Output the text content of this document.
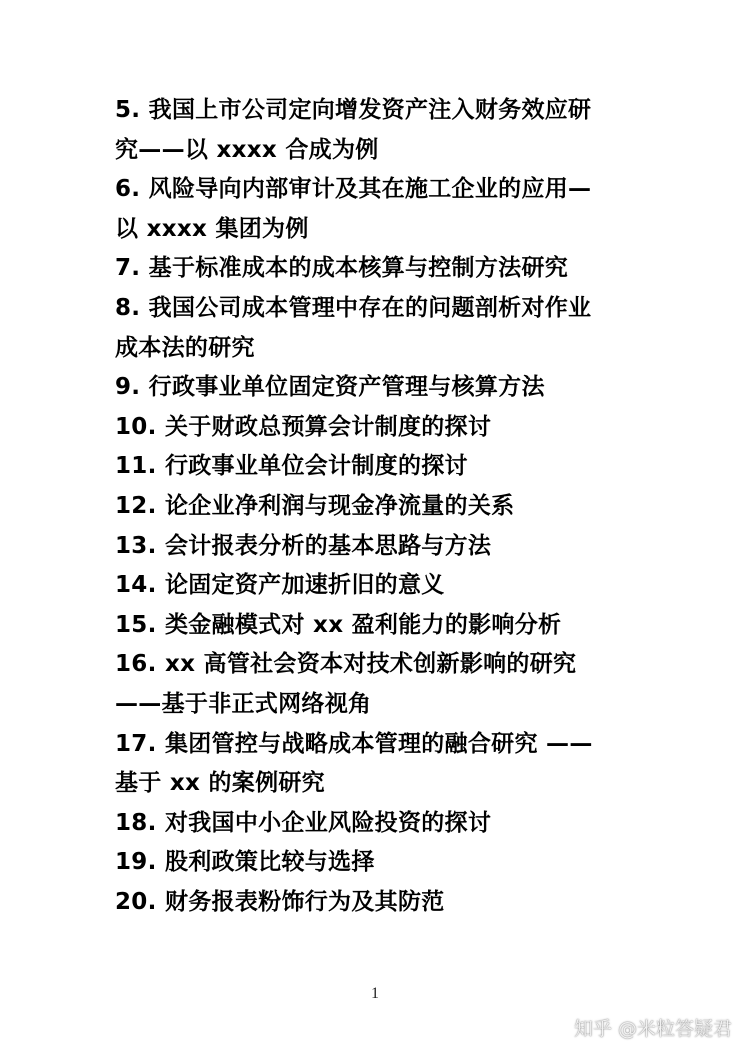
5. 我国上市公司定向增发资产注入财务效应研
究——以 xxxx 合成为例
6. 风险导向内部审计及其在施工企业的应用—
以 xxxx 集团为例
7. 基于标准成本的成本核算与控制方法研究
8. 我国公司成本管理中存在的问题剖析对作业
成本法的研究
9. 行政事业单位固定资产管理与核算方法
10. 关于财政总预算会计制度的探讨
11. 行政事业单位会计制度的探讨
12. 论企业净利润与现金净流量的关系
13. 会计报表分析的基本思路与方法
14. 论固定资产加速折旧的意义
15. 类金融模式对 xx 盈利能力的影响分析
16. xx 高管社会资本对技术创新影响的研究
——基于非正式网络视角
17. 集团管控与战略成本管理的融合研究 ——
基于 xx 的案例研究
18. 对我国中小企业风险投资的探讨
19. 股利政策比较与选择
20. 财务报表粉饰行为及其防范
1
知乎 @米粒答疑君
